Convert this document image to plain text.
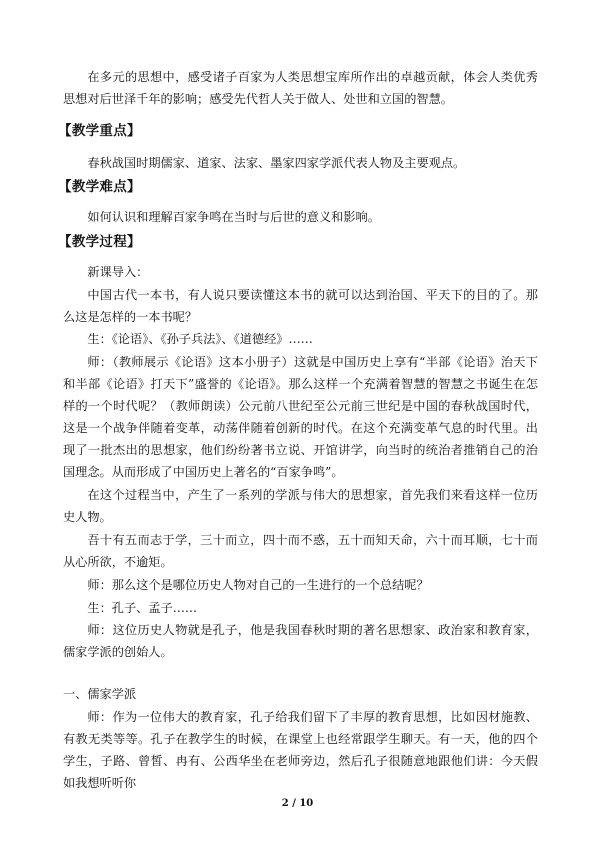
在多元的思想中，感受诸子百家为人类思想宝库所作出的卓越贡献，体会人类优秀思想对后世泽千年的影响；感受先代哲人关于做人、处世和立国的智慧。
【 教学重点 】
春秋战国时期儒家、道家、法家、墨家四家学派代表人物及主要观点。
【 教学难点 】
如何认识和理解百家争鸣在当时与后世的意义和影响。
【 教学过程 】
新课导入：
中国古代一本书，有人说只要读懂这本书的就可以达到治国、平天下的目的了。那么这是怎样的一本书呢？
生：《论语》、《孙子兵法》、《道德经》……
师：（教师展示《论语》这本小册子）这就是中国历史上享有“半部《论语》治天下和半部《论语》打天下”盛誉的《论语》。那么这样一个充满着智慧的智慧之书诞生在怎样的一个时代呢？（教师朗读）公元前八世纪至公元前三世纪是中国的春秋战国时代，这是一个战争伴随着变革，动荡伴随着创新的时代。在这个充满变革气息的时代里。出现了一批杰出的思想家，他们纷纷著书立说、开馆讲学，向当时的统治者推销自己的治国理念。从而形成了中国历史上著名的“百家争鸣”。
在这个过程当中，产生了一系列的学派与伟大的思想家，首先我们来看这样一位历史人物。
吾十有五而志于学，三十而立，四十而不惑，五十而知天命，六十而耳顺，七十而从心所欲，不逾矩。
师：那么这个是哪位历史人物对自己的一生进行的一个总结呢？
生：孔子、孟子……
师：这位历史人物就是孔子，他是我国春秋时期的著名思想家、政治家和教育家，儒家学派的创始人。
一、儒家学派
师：作为一位伟大的教育家，孔子给我们留下了丰厚的教育思想，比如因材施教、有教无类等等。孔子在教学生的时候，在课堂上也经常跟学生聊天。有一天，他的四个学生，子路、曾皙、冉有、公西华坐在老师旁边，然后孔子很随意地跟他们讲：今天假如我想听听你
2 / 10
